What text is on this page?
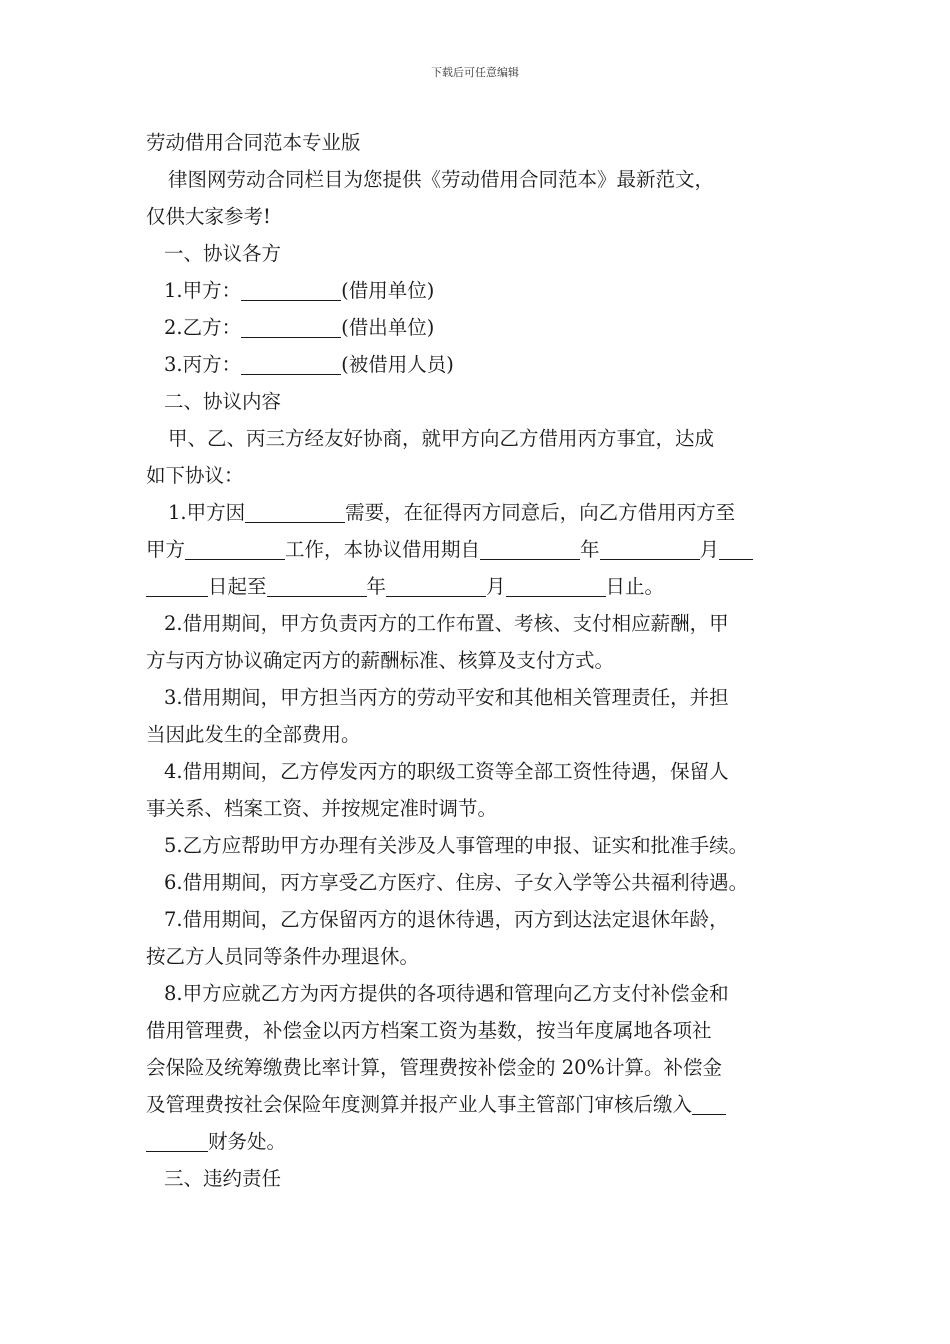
下载后可任意编辑
劳动借用合同范本专业版
律图网劳动合同栏目为您提供《劳动借用合同范本》最新范文，
仅供大家参考!
一、协议各方
1.甲方：	(借用单位)
2.乙方：	(借出单位)
3.丙方：	(被借用人员)
二、协议内容
甲、乙、丙三方经友好协商，就甲方向乙方借用丙方事宜，达成
如下协议：
1.甲方因	需要，在征得丙方同意后，向乙方借用丙方至
甲方	工作，本协议借用期自	年	月
日起至	年	月	日止。
2.借用期间，甲方负责丙方的工作布置、考核、支付相应薪酬，甲
方与丙方协议确定丙方的薪酬标准、核算及支付方式。
3.借用期间，甲方担当丙方的劳动平安和其他相关管理责任，并担
当因此发生的全部费用。
4.借用期间，乙方停发丙方的职级工资等全部工资性待遇，保留人
事关系、档案工资、并按规定准时调节。
5.乙方应帮助甲方办理有关涉及人事管理的申报、证实和批准手续。
6.借用期间，丙方享受乙方医疗、住房、子女入学等公共福利待遇。
7.借用期间，乙方保留丙方的退休待遇，丙方到达法定退休年龄，
按乙方人员同等条件办理退休。
8.甲方应就乙方为丙方提供的各项待遇和管理向乙方支付补偿金和
借用管理费，补偿金以丙方档案工资为基数，按当年度属地各项社
会保险及统筹缴费比率计算，管理费按补偿金的 20%计算。补偿金
及管理费按社会保险年度测算并报产业人事主管部门审核后缴入
财务处。
三、违约责任
